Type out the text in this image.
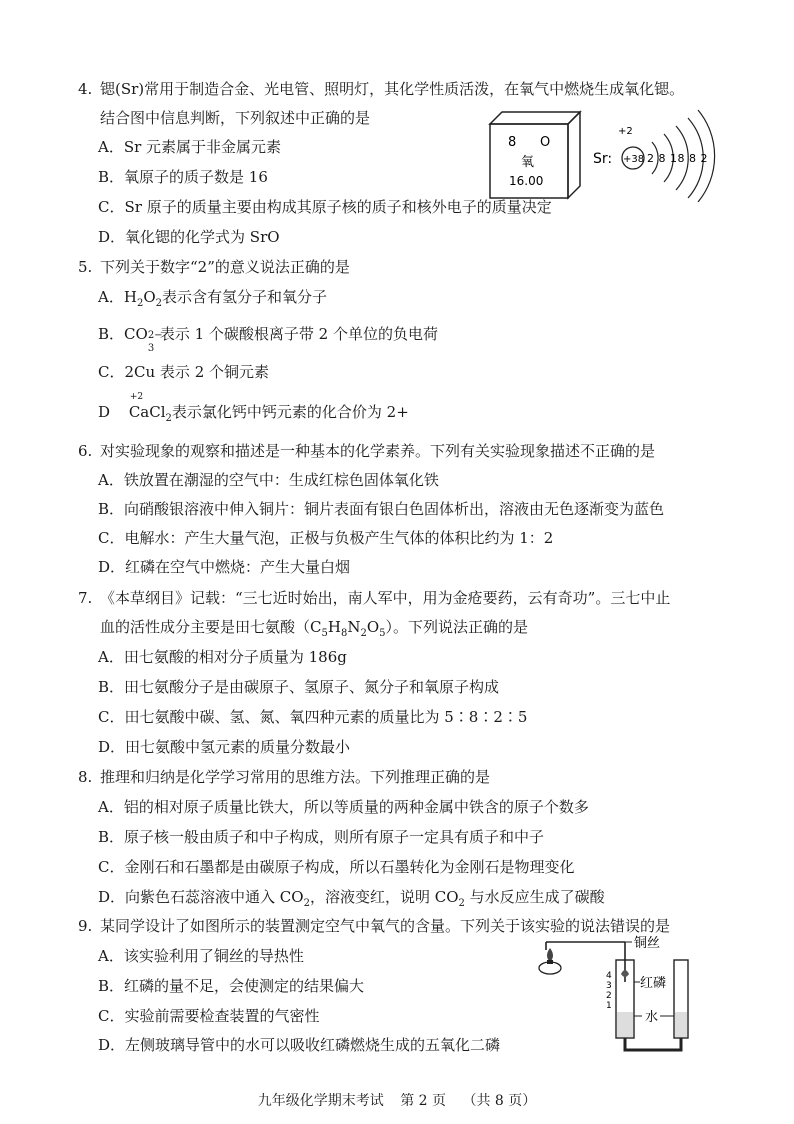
4. 锶(Sr)常用于制造合金、光电管、照明灯，其化学性质活泼，在氧气中燃烧生成氧化锶。
结合图中信息判断，下列叙述中正确的是
A．Sr 元素属于非金属元素
B．氧原子的质子数是 16
C．Sr 原子的质量主要由构成其原子核的质子和核外电子的质量决定
D．氧化锶的化学式为 SrO
8 O
氧
16.00
+2
Sr: +38 2 8 18 8 2
5. 下列关于数字“2”的意义说法正确的是
A．$H_2O_2$表示含有氢分子和氧分子
B．CO 2−
3
表示 1 个碳酸根离子带 2 个单位的负电荷
C．2Cu 表示 2 个铜元素
D
+2
CaCl$_2$表示氯化钙中钙元素的化合价为 2+
6. 对实验现象的观察和描述是一种基本的化学素养。下列有关实验现象描述不正确的是
A．铁放置在潮湿的空气中：生成红棕色固体氧化铁
B．向硝酸银溶液中伸入铜片：铜片表面有银白色固体析出，溶液由无色逐渐变为蓝色
C．电解水：产生大量气泡，正极与负极产生气体的体积比约为 1：2
D．红磷在空气中燃烧：产生大量白烟
7. 《本草纲目》记载：“三七近时始出，南人军中，用为金疮要药，云有奇功”。三七中止
血的活性成分主要是田七氨酸$(C_5H_8N_2O_5)$。下列说法正确的是
A．田七氨酸的相对分子质量为 186g
B．田七氨酸分子是由碳原子、氢原子、氮分子和氧原子构成
C．田七氨酸中碳、氢、氮、氧四种元素的质量比为 5∶8∶2∶5
D．田七氨酸中氢元素的质量分数最小
8. 推理和归纳是化学学习常用的思维方法。下列推理正确的是
A．铝的相对原子质量比铁大，所以等质量的两种金属中铁含的原子个数多
B．原子核一般由质子和中子构成，则所有原子一定具有质子和中子
C．金刚石和石墨都是由碳原子构成，所以石墨转化为金刚石是物理变化
D．向紫色石蕊溶液中通入 $CO_2$，溶液变红，说明 $CO_2$ 与水反应生成了碳酸
9. 某同学设计了如图所示的装置测定空气中氧气的含量。下列关于该实验的说法错误的是
A．该实验利用了铜丝的导热性
B．红磷的量不足，会使测定的结果偏大
C．实验前需要检查装置的气密性
D．左侧玻璃导管中的水可以吸收红磷燃烧生成的五氧化二磷
铜丝
红磷
4
3
2
1
水
九年级化学期末考试 第 2 页 （共 8 页）
